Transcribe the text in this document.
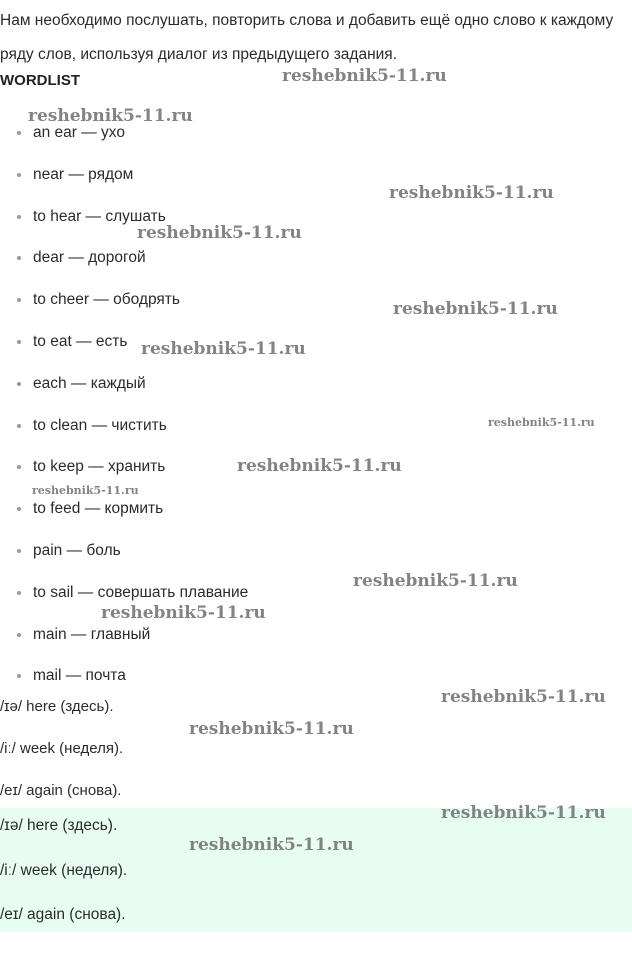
Нам необходимо послушать, повторить слова и добавить ещё одно слово к каждому ряду слов, используя диалог из предыдущего задания.

WORDLIST
an ear — ухо
near — рядом
to hear — слушать
dear — дорогой
to cheer — ободрять
to eat — есть
each — каждый
to clean — чистить
to keep — хранить
to feed — кормить
pain — боль
to sail — совершать плавание
main — главный
mail — почта
/ɪə/ here (здесь).
/iː/ week (неделя).
/eɪ/ again (снова).
/ɪə/ here (здесь).
/iː/ week (неделя).
/eɪ/ again (снова).
reshebnik5-11.ru
reshebnik5-11.ru
reshebnik5-11.ru
reshebnik5-11.ru
reshebnik5-11.ru
reshebnik5-11.ru
reshebnik5-11.ru
reshebnik5-11.ru
reshebnik5-11.ru
reshebnik5-11.ru
reshebnik5-11.ru
reshebnik5-11.ru
reshebnik5-11.ru
reshebnik5-11.ru
reshebnik5-11.ru
